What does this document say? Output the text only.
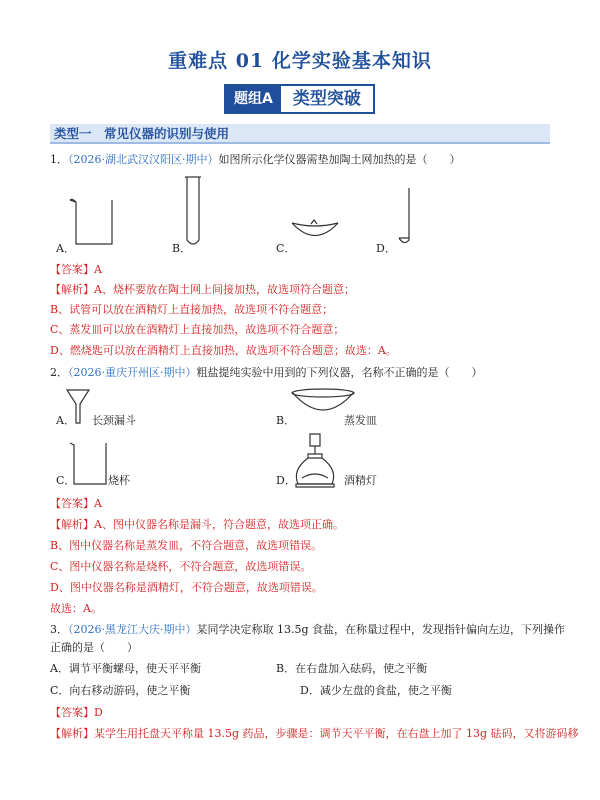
重难点 01 化学实验基本知识
题组A	类型突破
类型一　常见仪器的识别与使用
1．（2026·湖北武汉汉阳区·期中）如图所示化学仪器需垫加陶土网加热的是（　　）
A．	B．	C．	D．
【答案】A
【解析】A、烧杯要放在陶土网上间接加热，故选项符合题意；
B、试管可以放在酒精灯上直接加热，故选项不符合题意；
C、蒸发皿可以放在酒精灯上直接加热，故选项不符合题意；
D、燃烧匙可以放在酒精灯上直接加热，故选项不符合题意；故选：A。
2．（2026·重庆开州区·期中）粗盐提纯实验中用到的下列仪器，名称不正确的是（　　）
A． 长颈漏斗	B．	蒸发皿
C．	烧杯	D．	酒精灯
【答案】A
【解析】A、图中仪器名称是漏斗，符合题意，故选项正确。
B、图中仪器名称是蒸发皿，不符合题意，故选项错误。
C、图中仪器名称是烧杯，不符合题意，故选项错误。
D、图中仪器名称是酒精灯，不符合题意，故选项错误。
故选：A。
3．（2026·黑龙江大庆·期中）某同学决定称取 13.5g 食盐，在称量过程中，发现指针偏向左边，下列操作
正确的是（　　）
A．调节平衡螺母，使天平平衡	B．在右盘加入砝码，使之平衡
C．向右移动游码，使之平衡	D．减少左盘的食盐，使之平衡
【答案】D
【解析】某学生用托盘天平称量 13.5g 药品，步骤是：调节天平平衡，在右盘上加了 13g 砝码，又将游码移
